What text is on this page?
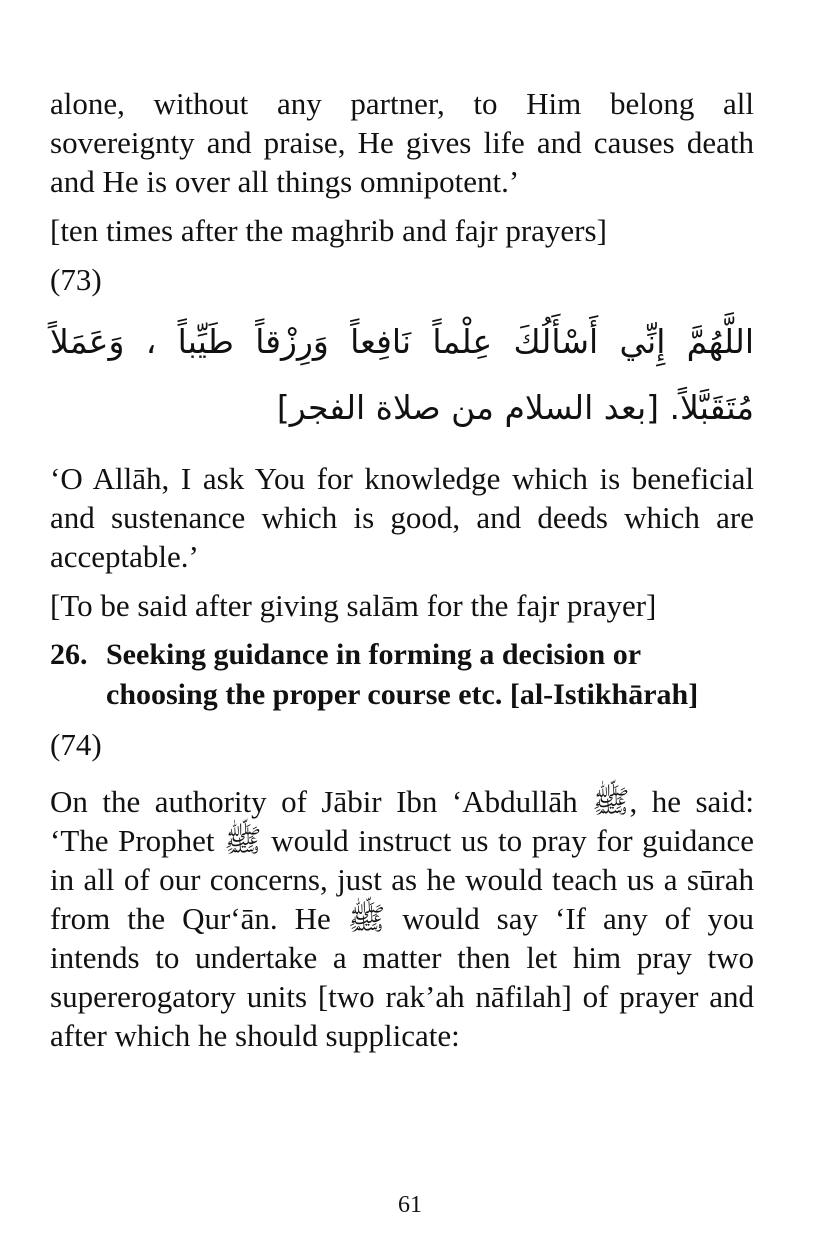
alone, without any partner, to Him belong all sovereignty and praise, He gives life and causes death and He is over all things omnipotent.’

[ten times after the maghrib and fajr prayers]

(73)

اللَّهُمَّ إِنِّي أَسْأَلُكَ عِلْماً نَافِعاً وَرِزْقاً طَيِّباً ، وَعَمَلاً مُتَقَبَّلاً. [بعد السلام من صلاة الفجر]

‘O Allāh, I ask You for knowledge which is beneficial and sustenance which is good, and deeds which are acceptable.’

[To be said after giving salām for the fajr prayer]

26. Seeking guidance in forming a decision or choosing the proper course etc. [al-Istikhārah]

(74)

On the authority of Jābir Ibn ‘Abdullāh ﷺ, he said: ‘The Prophet ﷺ would instruct us to pray for guidance in all of our concerns, just as he would teach us a sūrah from the Qur‘ān. He ﷺ would say ‘If any of you intends to undertake a matter then let him pray two supererogatory units [two rak’ah nāfilah] of prayer and after which he should supplicate:

61
